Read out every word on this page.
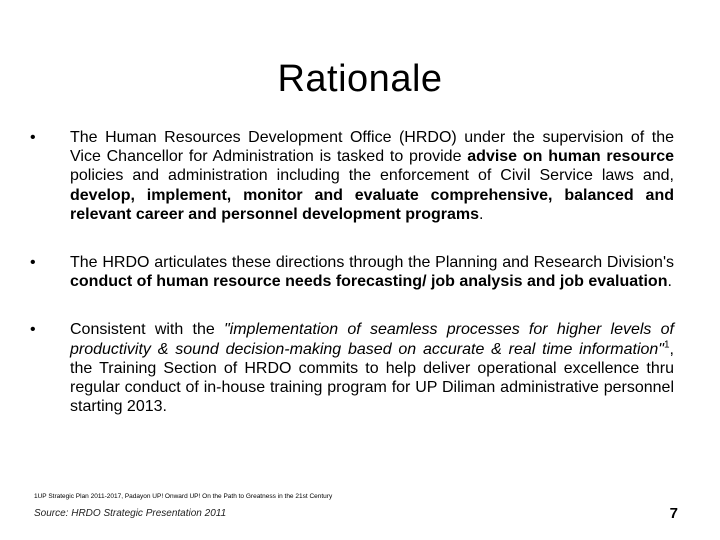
Rationale
•	The Human Resources Development Office (HRDO) under the supervision of the Vice Chancellor for Administration is tasked to provide advise on human resource policies and administration including the enforcement of Civil Service laws and, develop, implement, monitor and evaluate comprehensive, balanced and relevant career and personnel development programs.
•	The HRDO articulates these directions through the Planning and Research Division's conduct of human resource needs forecasting/ job analysis and job evaluation.
•	Consistent with the "implementation of seamless processes for higher levels of productivity & sound decision-making based on accurate & real time information"$^1$, the Training Section of HRDO commits to help deliver operational excellence thru regular conduct of in-house training program for UP Diliman administrative personnel starting 2013.
1UP Strategic Plan 2011-2017, Padayon UP! Onward UP! On the Path to Greatness in the 21st Century
Source: HRDO Strategic Presentation 2011	7
